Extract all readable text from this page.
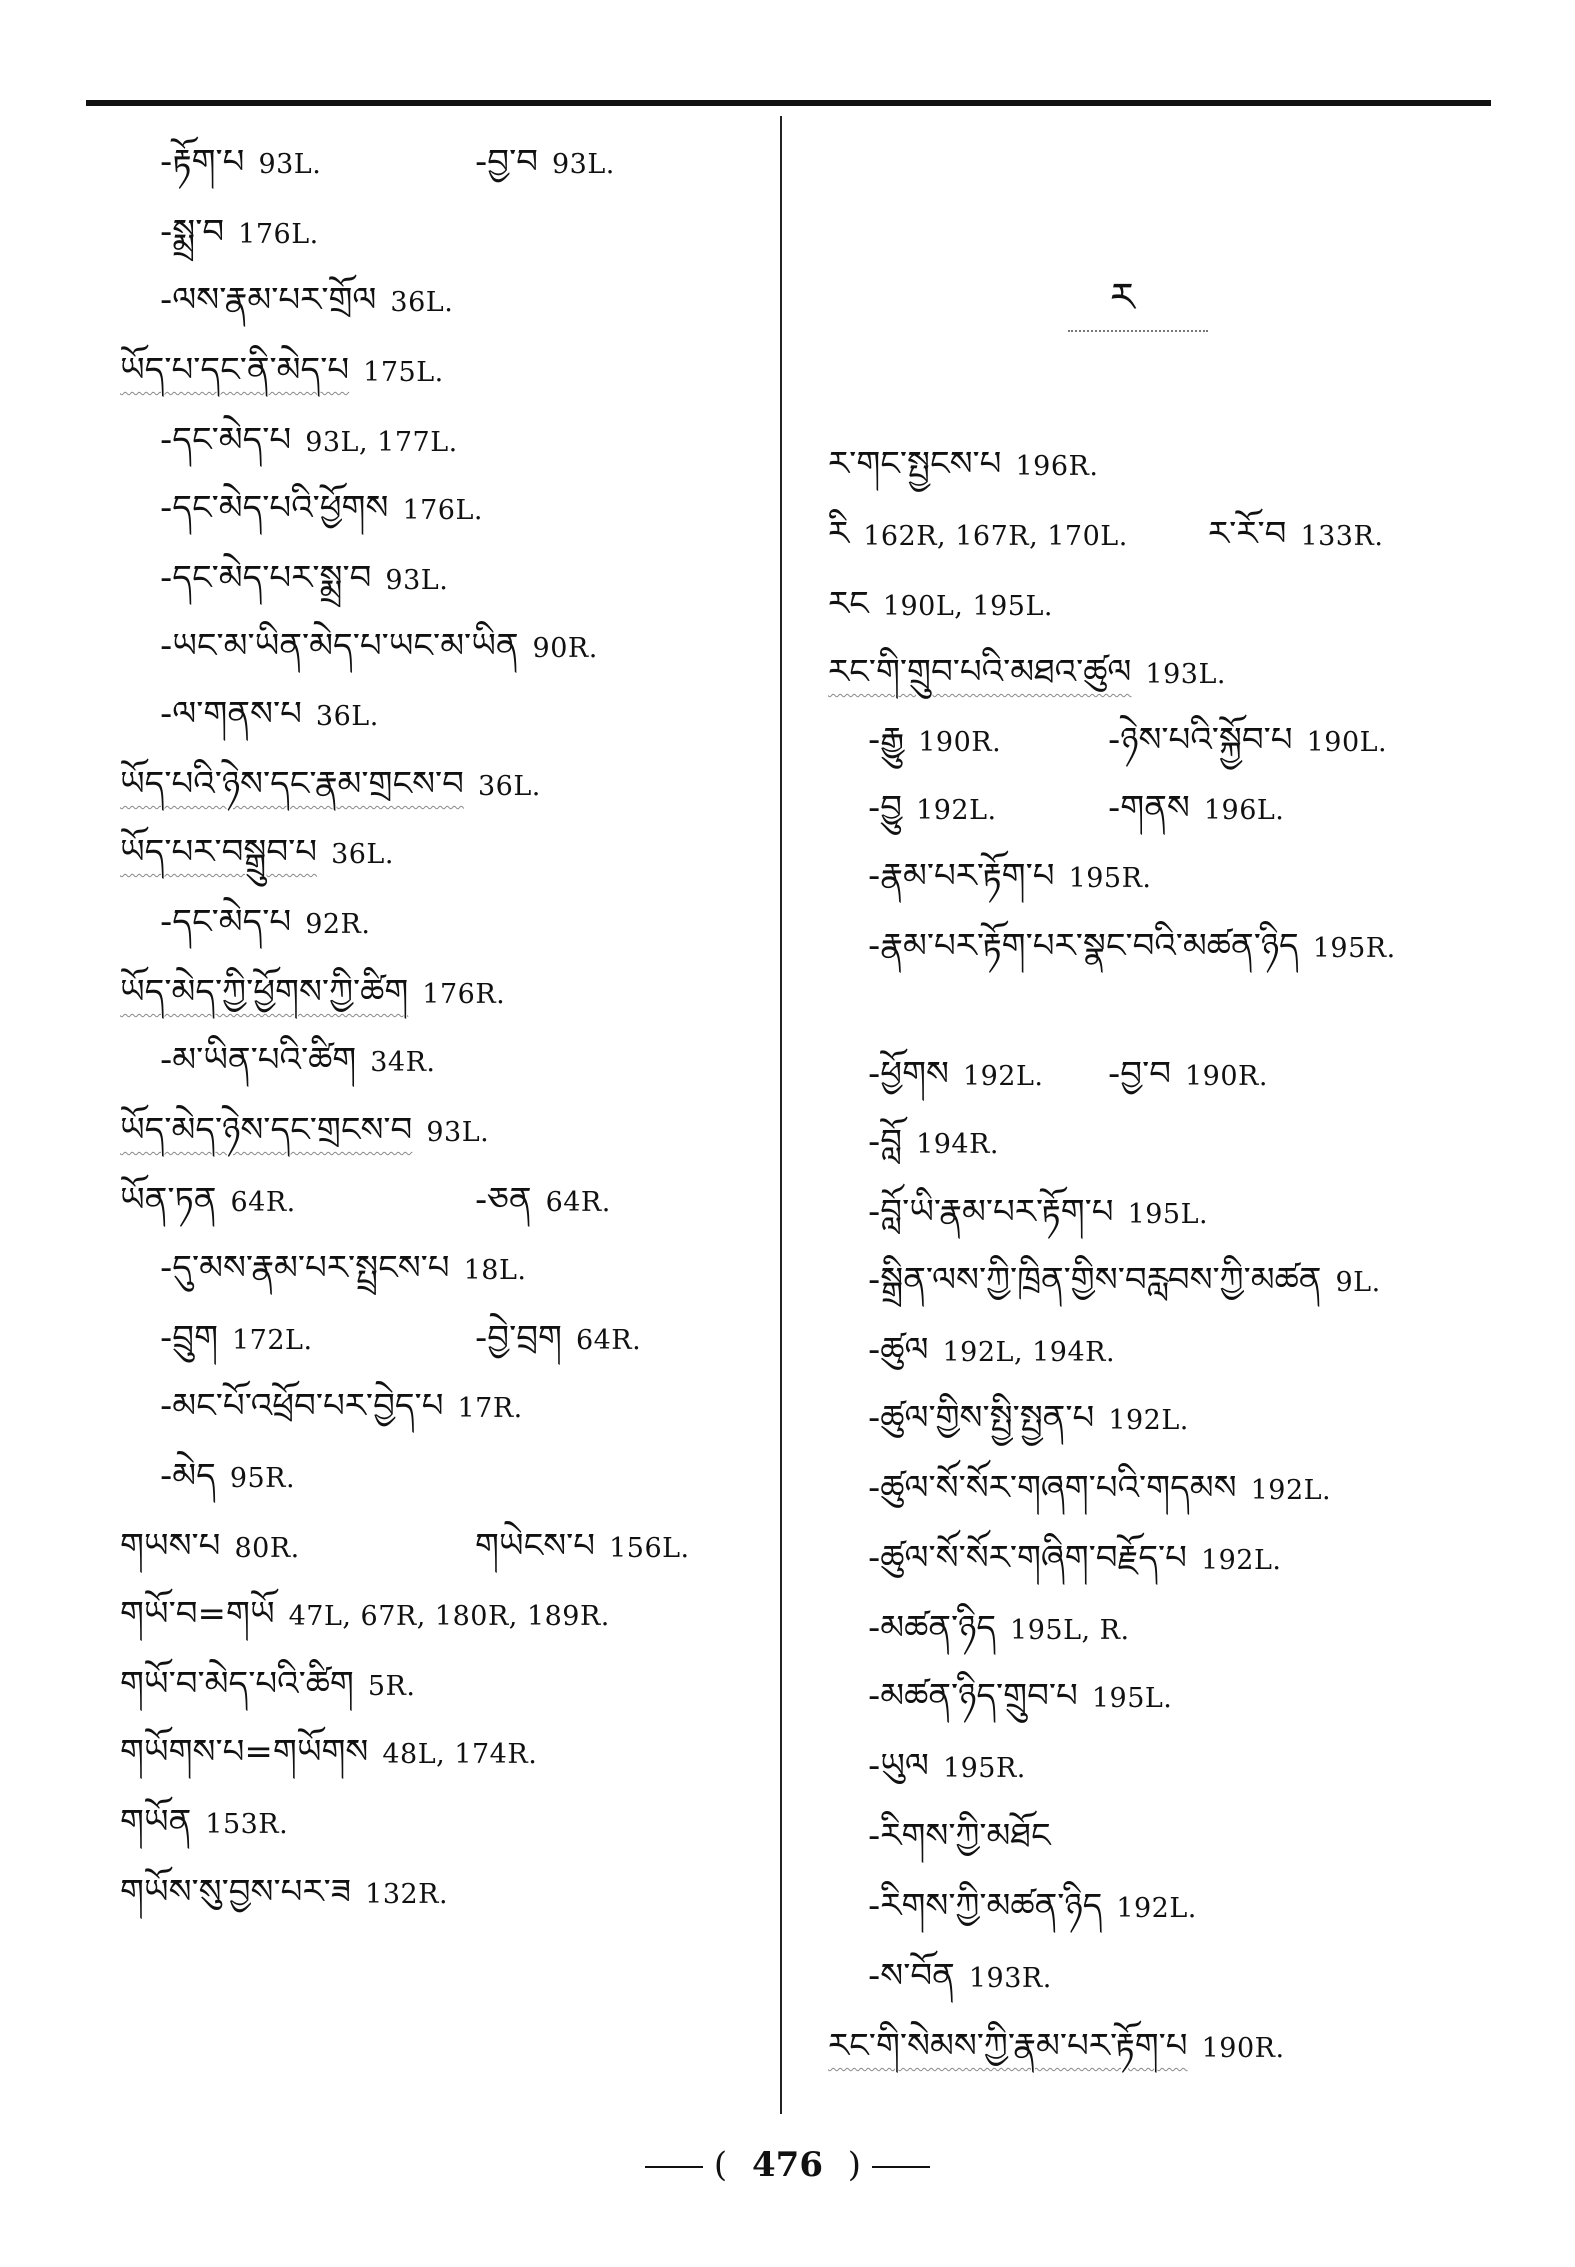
-རྟོག་པ 93L.	-བྱ་བ 93L.
-སྨྲ་བ 176L.
-ལས་རྣམ་པར་གྲོལ 36L.
ཡོད་པ་དང་ནི་མེད་པ 175L.
-དང་མེད་པ 93L, 177L.
-དང་མེད་པའི་ཕྱོགས 176L.
-དང་མེད་པར་སྨྲ་བ 93L.
-ཡང་མ་ཡིན་མེད་པ་ཡང་མ་ཡིན 90R.
-ལ་གནས་པ 36L.
ཡོད་པའི་ཉེས་དང་རྣམ་གྲངས་བ 36L.
ཡོད་པར་བསྒྲུབ་པ 36L.
-དང་མེད་པ 92R.
ཡོད་མེད་ཀྱི་ཕྱོགས་ཀྱི་ཚིག 176R.
-མ་ཡིན་པའི་ཚིག 34R.
ཡོད་མེད་ཉེས་དང་གྲངས་བ 93L.
ཡོན་ཏན 64R.	-ཅན 64R.
-དུ་མས་རྣམ་པར་སྤྲངས་པ 18L.
-བྲུག 172L.	-བྱེ་བྲག 64R.
-མང་པོ་འཕྲོབ་པར་བྱེད་པ 17R.
-མེད 95R.
གཡས་པ 80R.	གཡེངས་པ 156L.
གཡོ་བ=གཡོ 47L, 67R, 180R, 189R.
གཡོ་བ་མེད་པའི་ཚིག 5R.
གཡོགས་པ=གཡོགས 48L, 174R.
གཡོན 153R.
གཡོས་སུ་བྱས་པར་ཟ 132R.
ར
ར་གང་སྤྱངས་པ 196R.
རི 162R, 167R, 170L. ར་རོ་བ 133R.
རང 190L, 195L.
རང་གི་གྲུབ་པའི་མཐའ་ཚུལ 193L.
-རྒྱུ 190R.	-ཉེས་པའི་སྐྱོབ་པ 190L.
-བྱུ 192L.	-གནས 196L.
-རྣམ་པར་རྟོག་པ 195R.
-རྣམ་པར་རྟོག་པར་སྣང་བའི་མཚན་ཉིད 195R.
-ཕྱོགས 192L. -བྱ་བ 190R.
-བློ 194R.
-བློ་ཡི་རྣམ་པར་རྟོག་པ 195L.
-སྒྲིན་ལས་ཀྱི་ཁྲིན་གྱིས་བརླབས་ཀྱི་མཚན 9L.
-ཚུལ 192L, 194R.
-ཚུལ་གྱིས་སྤྱི་སྤྱན་པ 192L.
-ཚུལ་སོ་སོར་གཞག་པའི་གདམས 192L.
-ཚུལ་སོ་སོར་གཞིག་བརྗོད་པ 192L.
-མཚན་ཉིད 195L, R.
-མཚན་ཉིད་གྲུབ་པ 195L.
-ཡུལ 195R.
-རིགས་ཀྱི་མཐོང
-རིགས་ཀྱི་མཚན་ཉིད 192L.
-ས་བོན 193R.
རང་གི་སེམས་ཀྱི་རྣམ་པར་རྟོག་པ 190R.
( 476 )
